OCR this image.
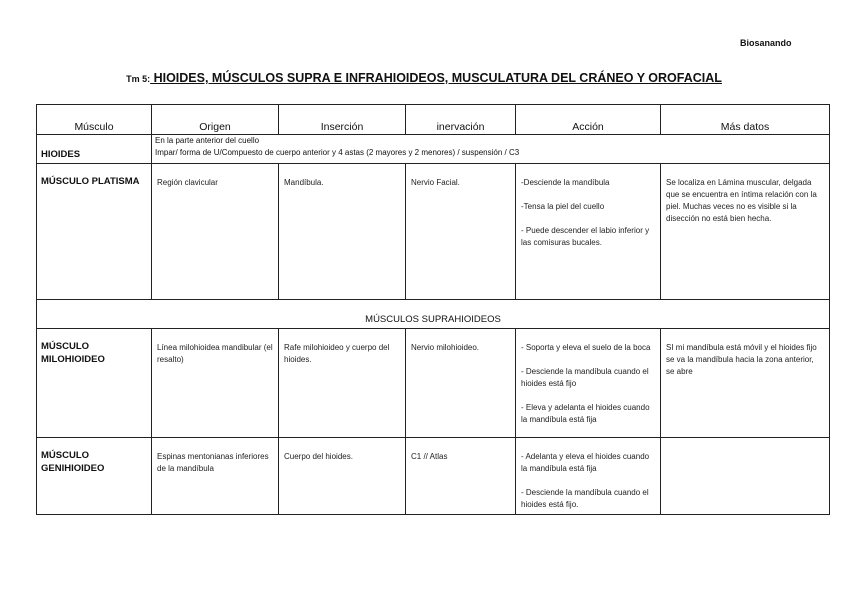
Biosanando
Tm 5: HIOIDES, MÚSCULOS SUPRA E INFRAHIOIDEOS, MUSCULATURA DEL CRÁNEO Y OROFACIAL
Músculo	Origen	Inserción	inervación	Acción	Más datos
HIOIDES	En la parte anterior del cuello
Impar/ forma de U/Compuesto de cuerpo anterior y 4 astas (2 mayores y 2 menores) / suspensión / C3				

MÚSCULO PLATISMA	Región clavicular	Mandíbula.	Nervio Facial.	-Desciende la mandíbula

-Tensa la piel del cuello

- Puede descender el labio inferior y las comisuras bucales.	Se localiza en Lámina muscular, delgada que se encuentra en íntima relación con la piel. Muchas veces no es visible si la disección no está bien hecha.
MÚSCULOS SUPRAHIOIDEOS					
MÚSCULO MILOHIOIDEO	Línea milohioidea mandibular (el resalto)	Rafe milohioideo y cuerpo del hioides.	Nervio milohioideo.	- Soporta y eleva el suelo de la boca

- Desciende la mandíbula cuando el hioides está fijo

- Eleva y adelanta el hioides cuando la mandíbula está fija	SI mi mandíbula está móvil y el hioides fijo se va la mandíbula hacia la zona anterior, se abre
MÚSCULO GENIHIOIDEO	Espinas mentonianas inferiores de la mandíbula	Cuerpo del hioides.	C1 // Atlas	- Adelanta y eleva el hioides cuando la mandíbula está fija

- Desciende la mandíbula cuando el hioides está fijo.	
